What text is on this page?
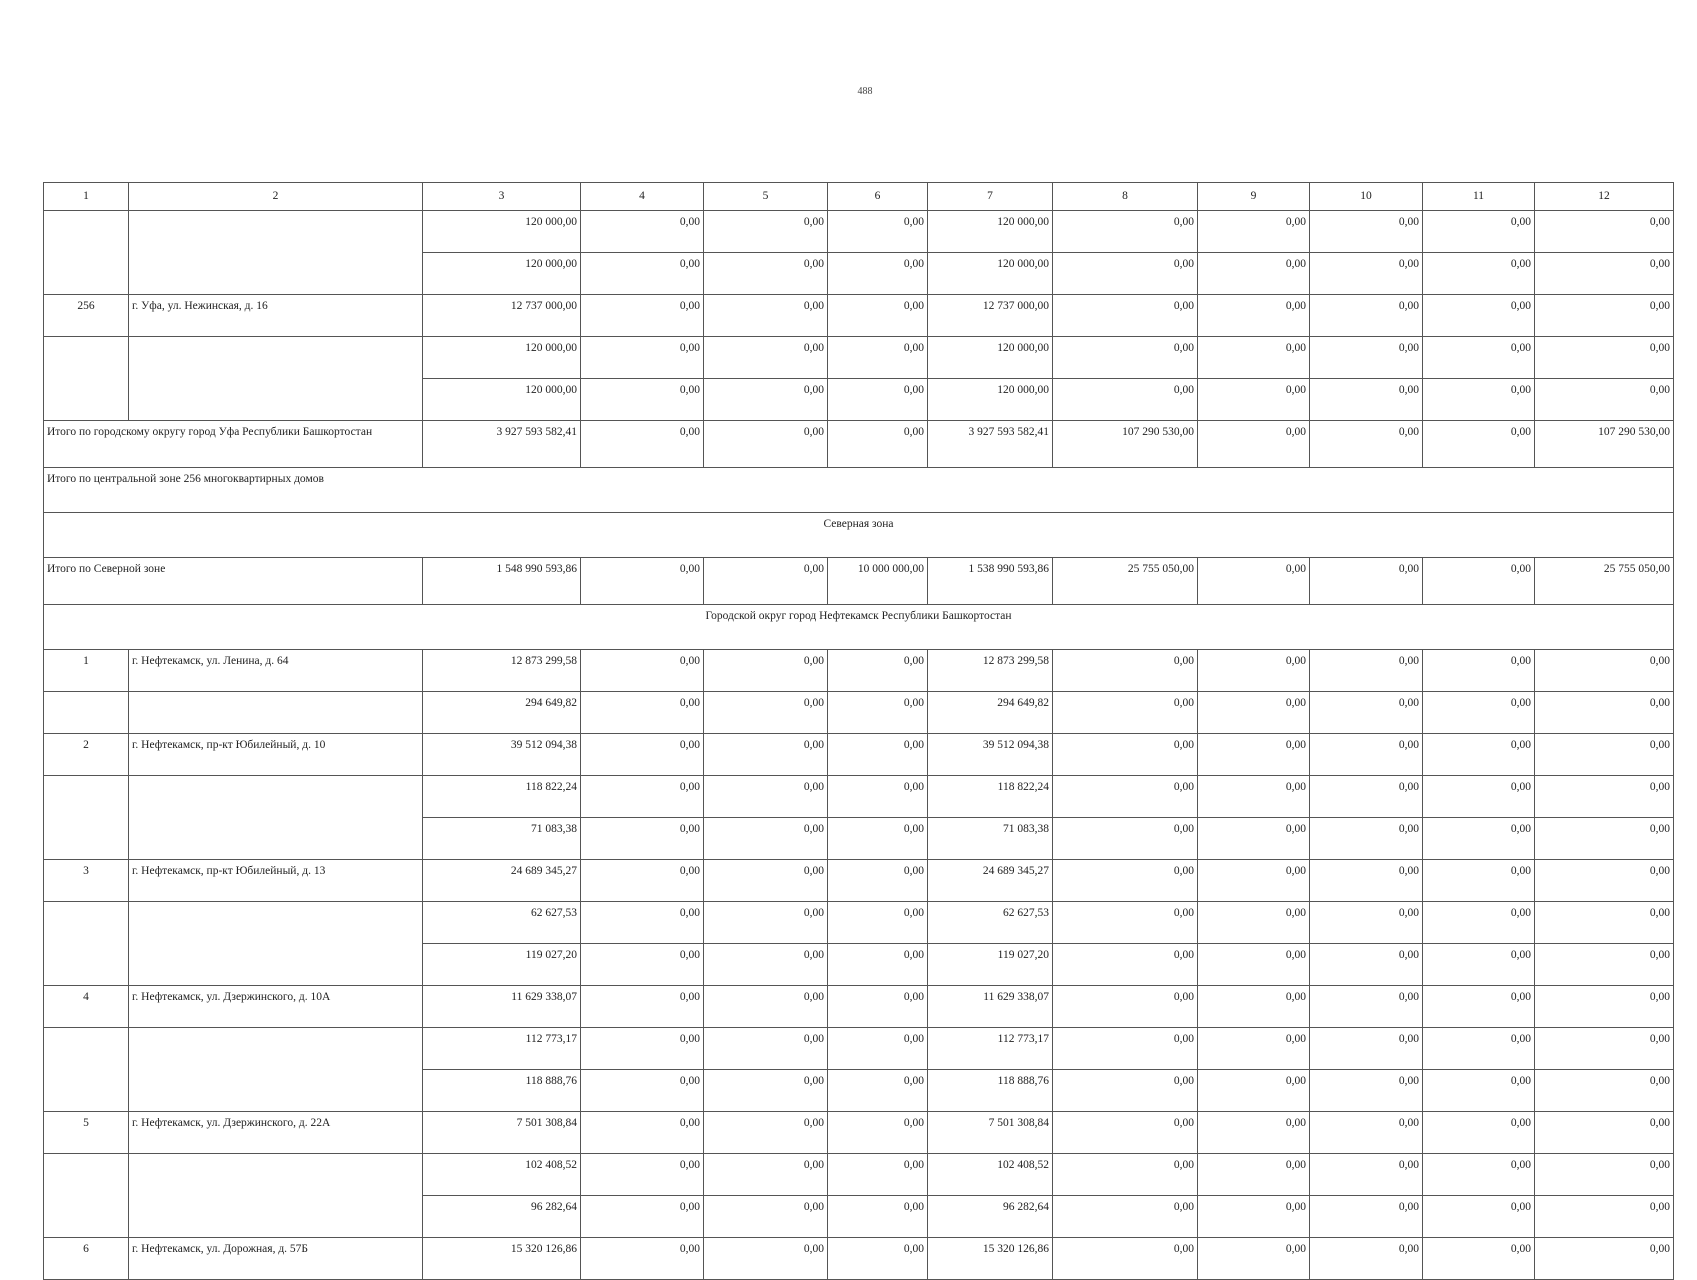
488
1	2	3	4	5	6	7	8	9	10	11	12
		120 000,00	0,00	0,00	0,00	120 000,00	0,00	0,00	0,00	0,00	0,00
		120 000,00	0,00	0,00	0,00	120 000,00	0,00	0,00	0,00	0,00	0,00
256	г. Уфа, ул. Нежинская, д. 16	12 737 000,00	0,00	0,00	0,00	12 737 000,00	0,00	0,00	0,00	0,00	0,00
		120 000,00	0,00	0,00	0,00	120 000,00	0,00	0,00	0,00	0,00	0,00
		120 000,00	0,00	0,00	0,00	120 000,00	0,00	0,00	0,00	0,00	0,00
Итого по городскому округу город Уфа Республики Башкортостан		3 927 593 582,41	0,00	0,00	0,00	3 927 593 582,41	107 290 530,00	0,00	0,00	0,00	107 290 530,00
Итого по центральной зоне 256 многоквартирных домов											
Северная зона											
Итого по Северной зоне		1 548 990 593,86	0,00	0,00	10 000 000,00	1 538 990 593,86	25 755 050,00	0,00	0,00	0,00	25 755 050,00
Городской округ город Нефтекамск Республики Башкортостан											
1	г. Нефтекамск, ул. Ленина, д. 64	12 873 299,58	0,00	0,00	0,00	12 873 299,58	0,00	0,00	0,00	0,00	0,00
		294 649,82	0,00	0,00	0,00	294 649,82	0,00	0,00	0,00	0,00	0,00
2	г. Нефтекамск, пр-кт Юбилейный, д. 10	39 512 094,38	0,00	0,00	0,00	39 512 094,38	0,00	0,00	0,00	0,00	0,00
		118 822,24	0,00	0,00	0,00	118 822,24	0,00	0,00	0,00	0,00	0,00
		71 083,38	0,00	0,00	0,00	71 083,38	0,00	0,00	0,00	0,00	0,00
3	г. Нефтекамск, пр-кт Юбилейный, д. 13	24 689 345,27	0,00	0,00	0,00	24 689 345,27	0,00	0,00	0,00	0,00	0,00
		62 627,53	0,00	0,00	0,00	62 627,53	0,00	0,00	0,00	0,00	0,00
		119 027,20	0,00	0,00	0,00	119 027,20	0,00	0,00	0,00	0,00	0,00
4	г. Нефтекамск, ул. Дзержинского, д. 10А	11 629 338,07	0,00	0,00	0,00	11 629 338,07	0,00	0,00	0,00	0,00	0,00
		112 773,17	0,00	0,00	0,00	112 773,17	0,00	0,00	0,00	0,00	0,00
		118 888,76	0,00	0,00	0,00	118 888,76	0,00	0,00	0,00	0,00	0,00
5	г. Нефтекамск, ул. Дзержинского, д. 22А	7 501 308,84	0,00	0,00	0,00	7 501 308,84	0,00	0,00	0,00	0,00	0,00
		102 408,52	0,00	0,00	0,00	102 408,52	0,00	0,00	0,00	0,00	0,00
		96 282,64	0,00	0,00	0,00	96 282,64	0,00	0,00	0,00	0,00	0,00
6	г. Нефтекамск, ул. Дорожная, д. 57Б	15 320 126,86	0,00	0,00	0,00	15 320 126,86	0,00	0,00	0,00	0,00	0,00
